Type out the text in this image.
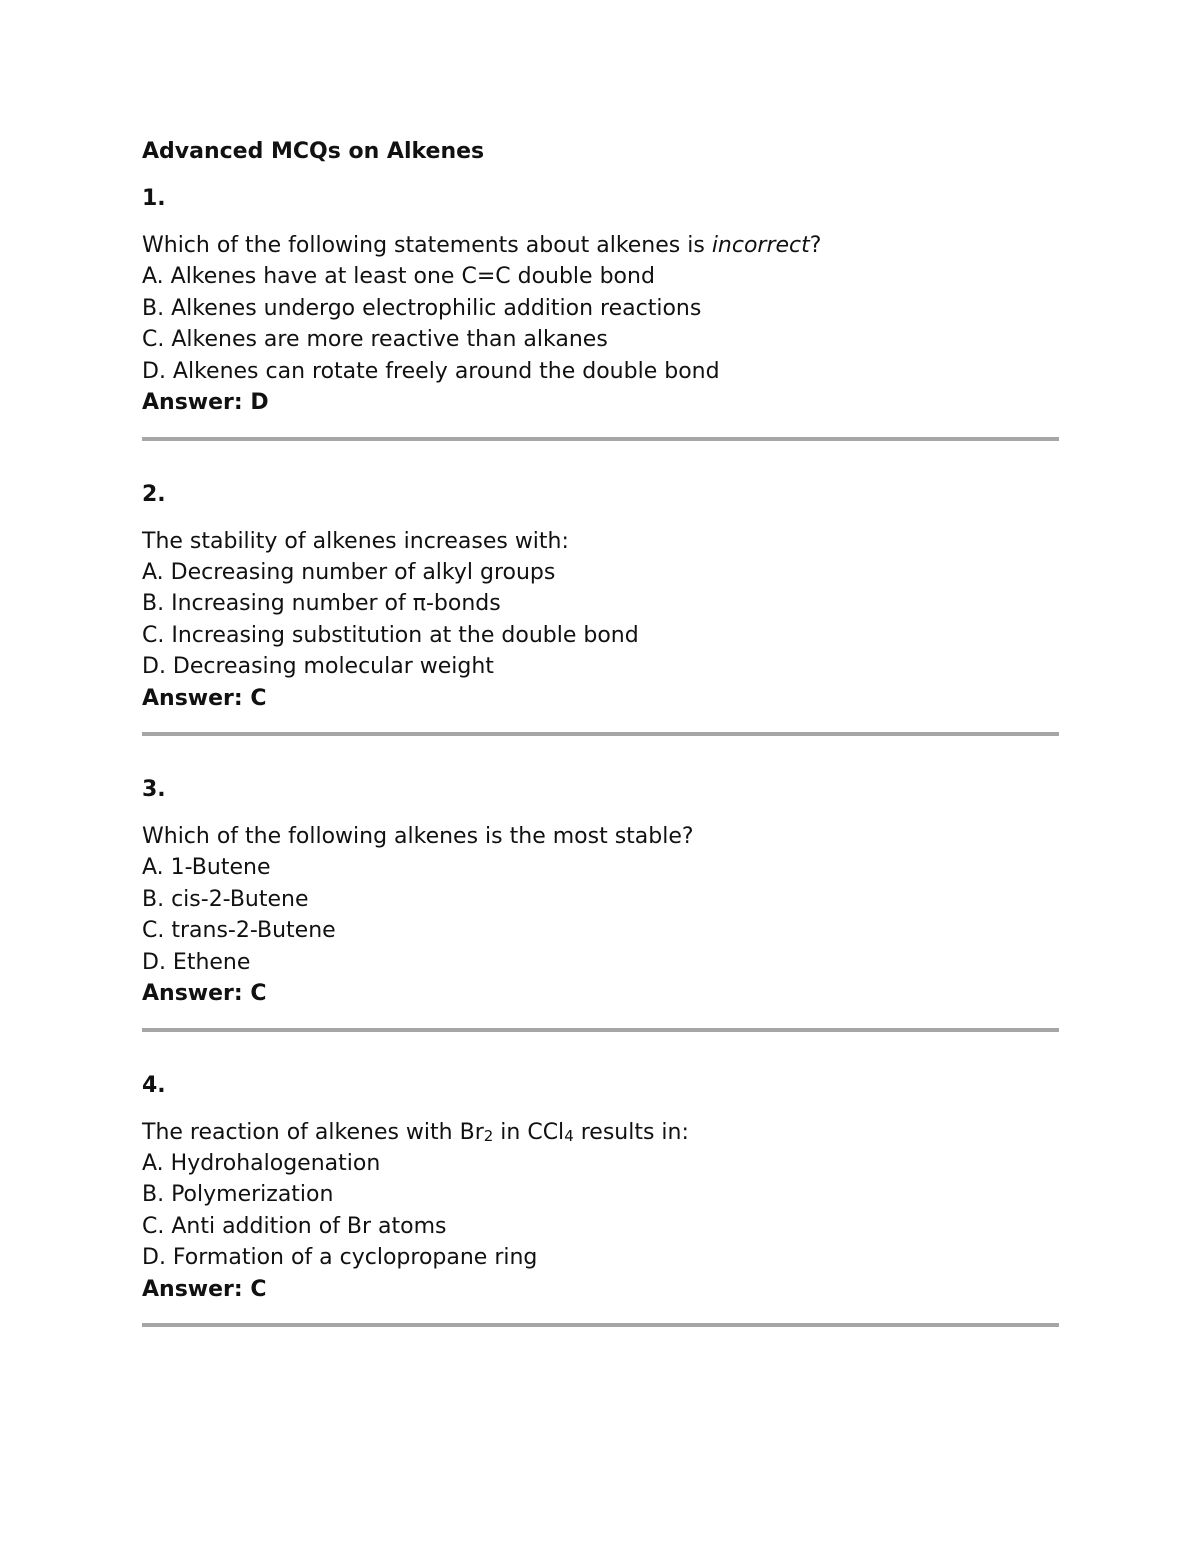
Advanced MCQs on Alkenes
1.
Which of the following statements about alkenes is incorrect?
A. Alkenes have at least one C=C double bond
B. Alkenes undergo electrophilic addition reactions
C. Alkenes are more reactive than alkanes
D. Alkenes can rotate freely around the double bond
Answer: D
2.
The stability of alkenes increases with:
A. Decreasing number of alkyl groups
B. Increasing number of π-bonds
C. Increasing substitution at the double bond
D. Decreasing molecular weight
Answer: C
3.
Which of the following alkenes is the most stable?
A. 1-Butene
B. cis-2-Butene
C. trans-2-Butene
D. Ethene
Answer: C
4.
The reaction of alkenes with $Br_2$ in CCl$_4$ results in:
A. Hydrohalogenation
B. Polymerization
C. Anti addition of Br atoms
D. Formation of a cyclopropane ring
Answer: C
